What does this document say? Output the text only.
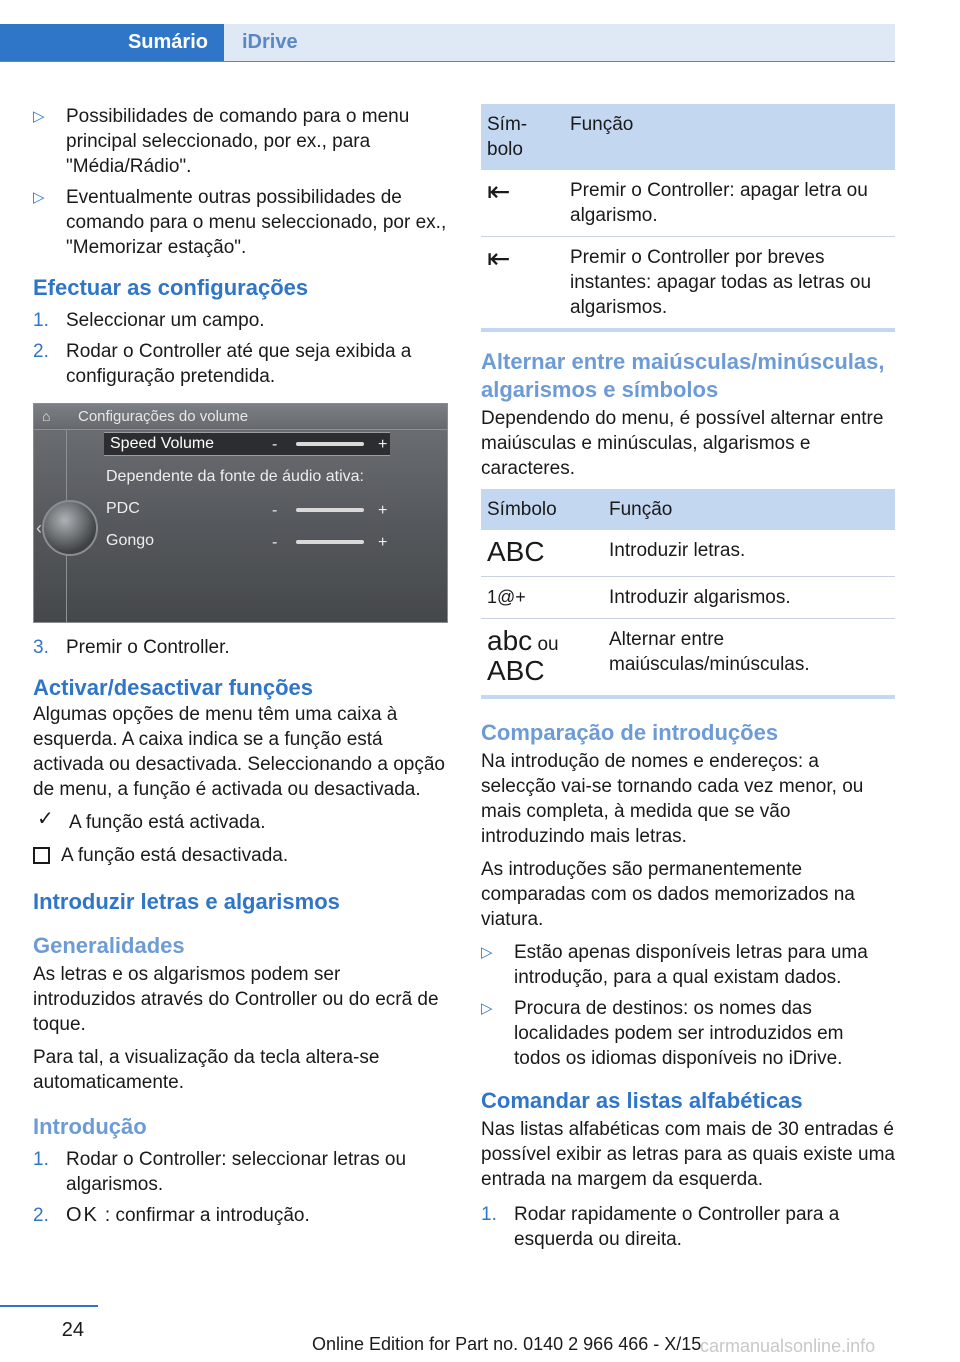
Sumário	iDrive
▷ Possibilidades de comando para o menu principal seleccionado, por ex., para "Média/Rádio".
▷ Eventualmente outras possibilidades de comando para o menu seleccionado, por ex., "Memorizar estação".
Efectuar as configurações
1. Seleccionar um campo.
2. Rodar o Controller até que seja exibida a configuração pretendida.
⌂	Configurações do volume
‹
Speed Volume	-	+
Dependente da fonte de áudio ativa:
PDC	-	+
Gongo	-	+
3. Premir o Controller.
Activar/desactivar funções

Algumas opções de menu têm uma caixa à esquerda. A caixa indica se a função está activada ou desactivada. Seleccionando a opção de menu, a função é activada ou desactivada.

✓ A função está activada.
A função está desactivada.
Introduzir letras e algarismos
Generalidades

As letras e os algarismos podem ser introduzidos através do Controller ou do ecrã de toque.

Para tal, a visualização da tecla altera-se automaticamente.

Introdução
1. Rodar o Controller: seleccionar letras ou algarismos.
2. OK : confirmar a introdução.
Sím-bolo	Função
⇤	Premir o Controller: apagar letra ou algarismo.
⇤	Premir o Controller por breves instantes: apagar todas as letras ou algarismos.
Alternar entre maiúsculas/minúsculas, algarismos e símbolos

Dependendo do menu, é possível alternar entre maiúsculas e minúsculas, algarismos e caracteres.

Símbolo	Função
ABC	Introduzir letras.
1@+	Introduzir algarismos.
abc ou
ABC	Alternar entre maiúsculas/minúsculas.
Comparação de introduções

Na introdução de nomes e endereços: a selecção vai-se tornando cada vez menor, ou mais completa, à medida que se vão introduzindo mais letras.

As introduções são permanentemente comparadas com os dados memorizados na viatura.

▷ Estão apenas disponíveis letras para uma introdução, para a qual existam dados.
▷ Procura de destinos: os nomes das localidades podem ser introduzidos em todos os idiomas disponíveis no iDrive.
Comandar as listas alfabéticas

Nas listas alfabéticas com mais de 30 entradas é possível exibir as letras para as quais existe uma entrada na margem da esquerda.

1. Rodar rapidamente o Controller para a esquerda ou direita.
24
Online Edition for Part no. 0140 2 966 466 - X/15
carmanualsonline.info
